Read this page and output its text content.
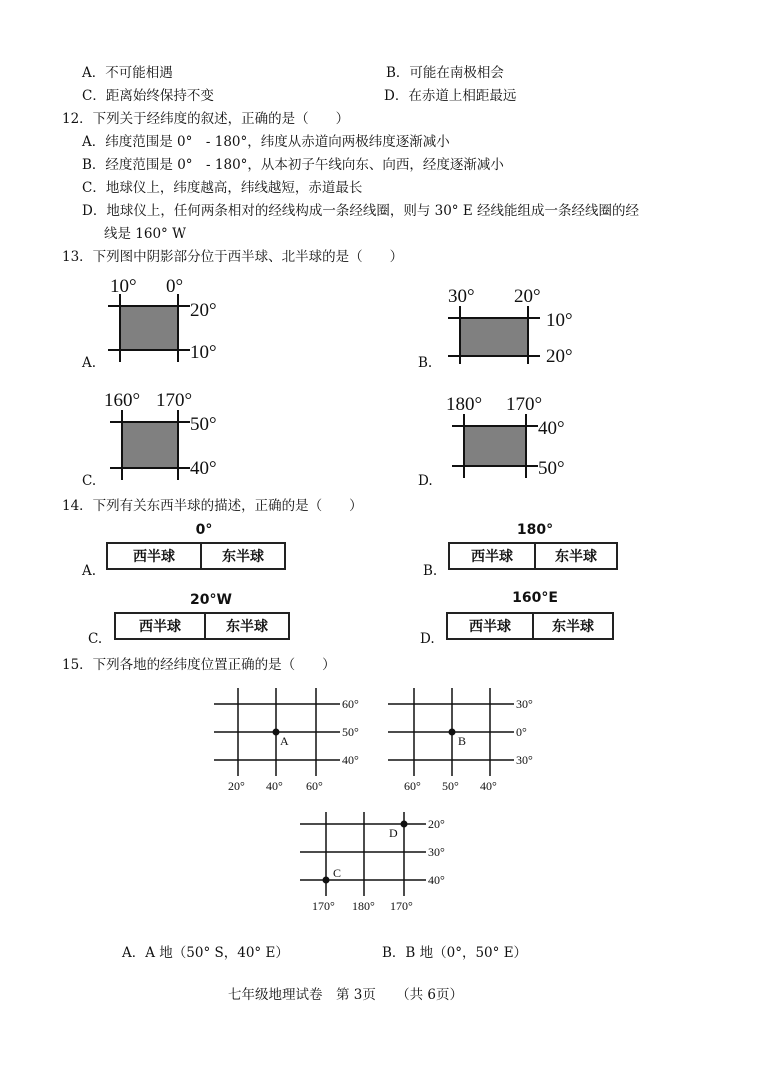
A．不可能相遇	B．可能在南极相会
C．距离始终保持不变	D．在赤道上相距最远
12．下列关于经纬度的叙述，正确的是（　　）
A．纬度范围是 0°　- 180°，纬度从赤道向两极纬度逐渐减小
B．经度范围是 0°　- 180°，从本初子午线向东、向西，经度逐渐减小
C．地球仪上，纬度越高，纬线越短，赤道最长
D．地球仪上，任何两条相对的经线构成一条经线圈，则与 30° E 经线能组成一条经线圈的经
线是 160° W
13．下列图中阴影部分位于西半球、北半球的是（　　）
A.
10° 0°
20°
10°	B.
30° 20°
10°
20°
C.
160° 170°
50°
40°
D.
180° 170°
40°
50°
14．下列有关东西半球的描述，正确的是（　　）
A.
0°
西半球	东半球
B.
180°
西半球	东半球
C.
20°W
西半球	东半球
D.
160°E
西半球	东半球
15．下列各地的经纬度位置正确的是（　　）
A
60°
50°
40°
20° 40° 60°
B
30°
0°
30°
60° 50° 40°
D
C
20°
30°
40°
170° 180° 170°
A．A 地（50° S，40° E）	B．B 地（0°，50° E）
七年级地理试卷　第 3页　　（共 6页）
